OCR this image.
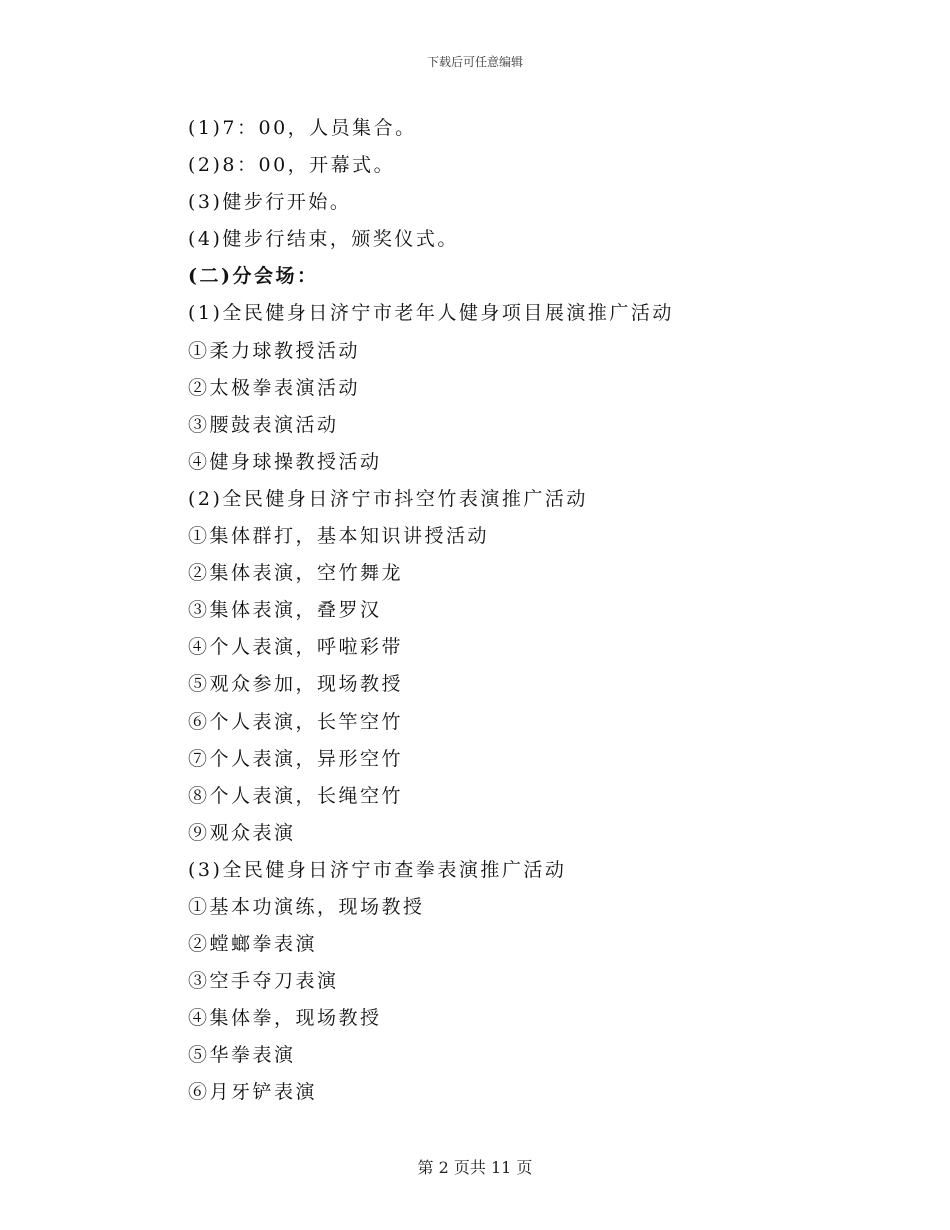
下载后可任意编辑
(1)7：00，人员集合。
(2)8：00，开幕式。
(3)健步行开始。
(4)健步行结束，颁奖仪式。
(二)分会场：
(1)全民健身日济宁市老年人健身项目展演推广活动
①柔力球教授活动
②太极拳表演活动
③腰鼓表演活动
④健身球操教授活动
(2)全民健身日济宁市抖空竹表演推广活动
①集体群打，基本知识讲授活动
②集体表演，空竹舞龙
③集体表演，叠罗汉
④个人表演，呼啦彩带
⑤观众参加，现场教授
⑥个人表演，长竿空竹
⑦个人表演，异形空竹
⑧个人表演，长绳空竹
⑨观众表演
(3)全民健身日济宁市查拳表演推广活动
①基本功演练，现场教授
②螳螂拳表演
③空手夺刀表演
④集体拳，现场教授
⑤华拳表演
⑥月牙铲表演
第 2 页共 11 页
